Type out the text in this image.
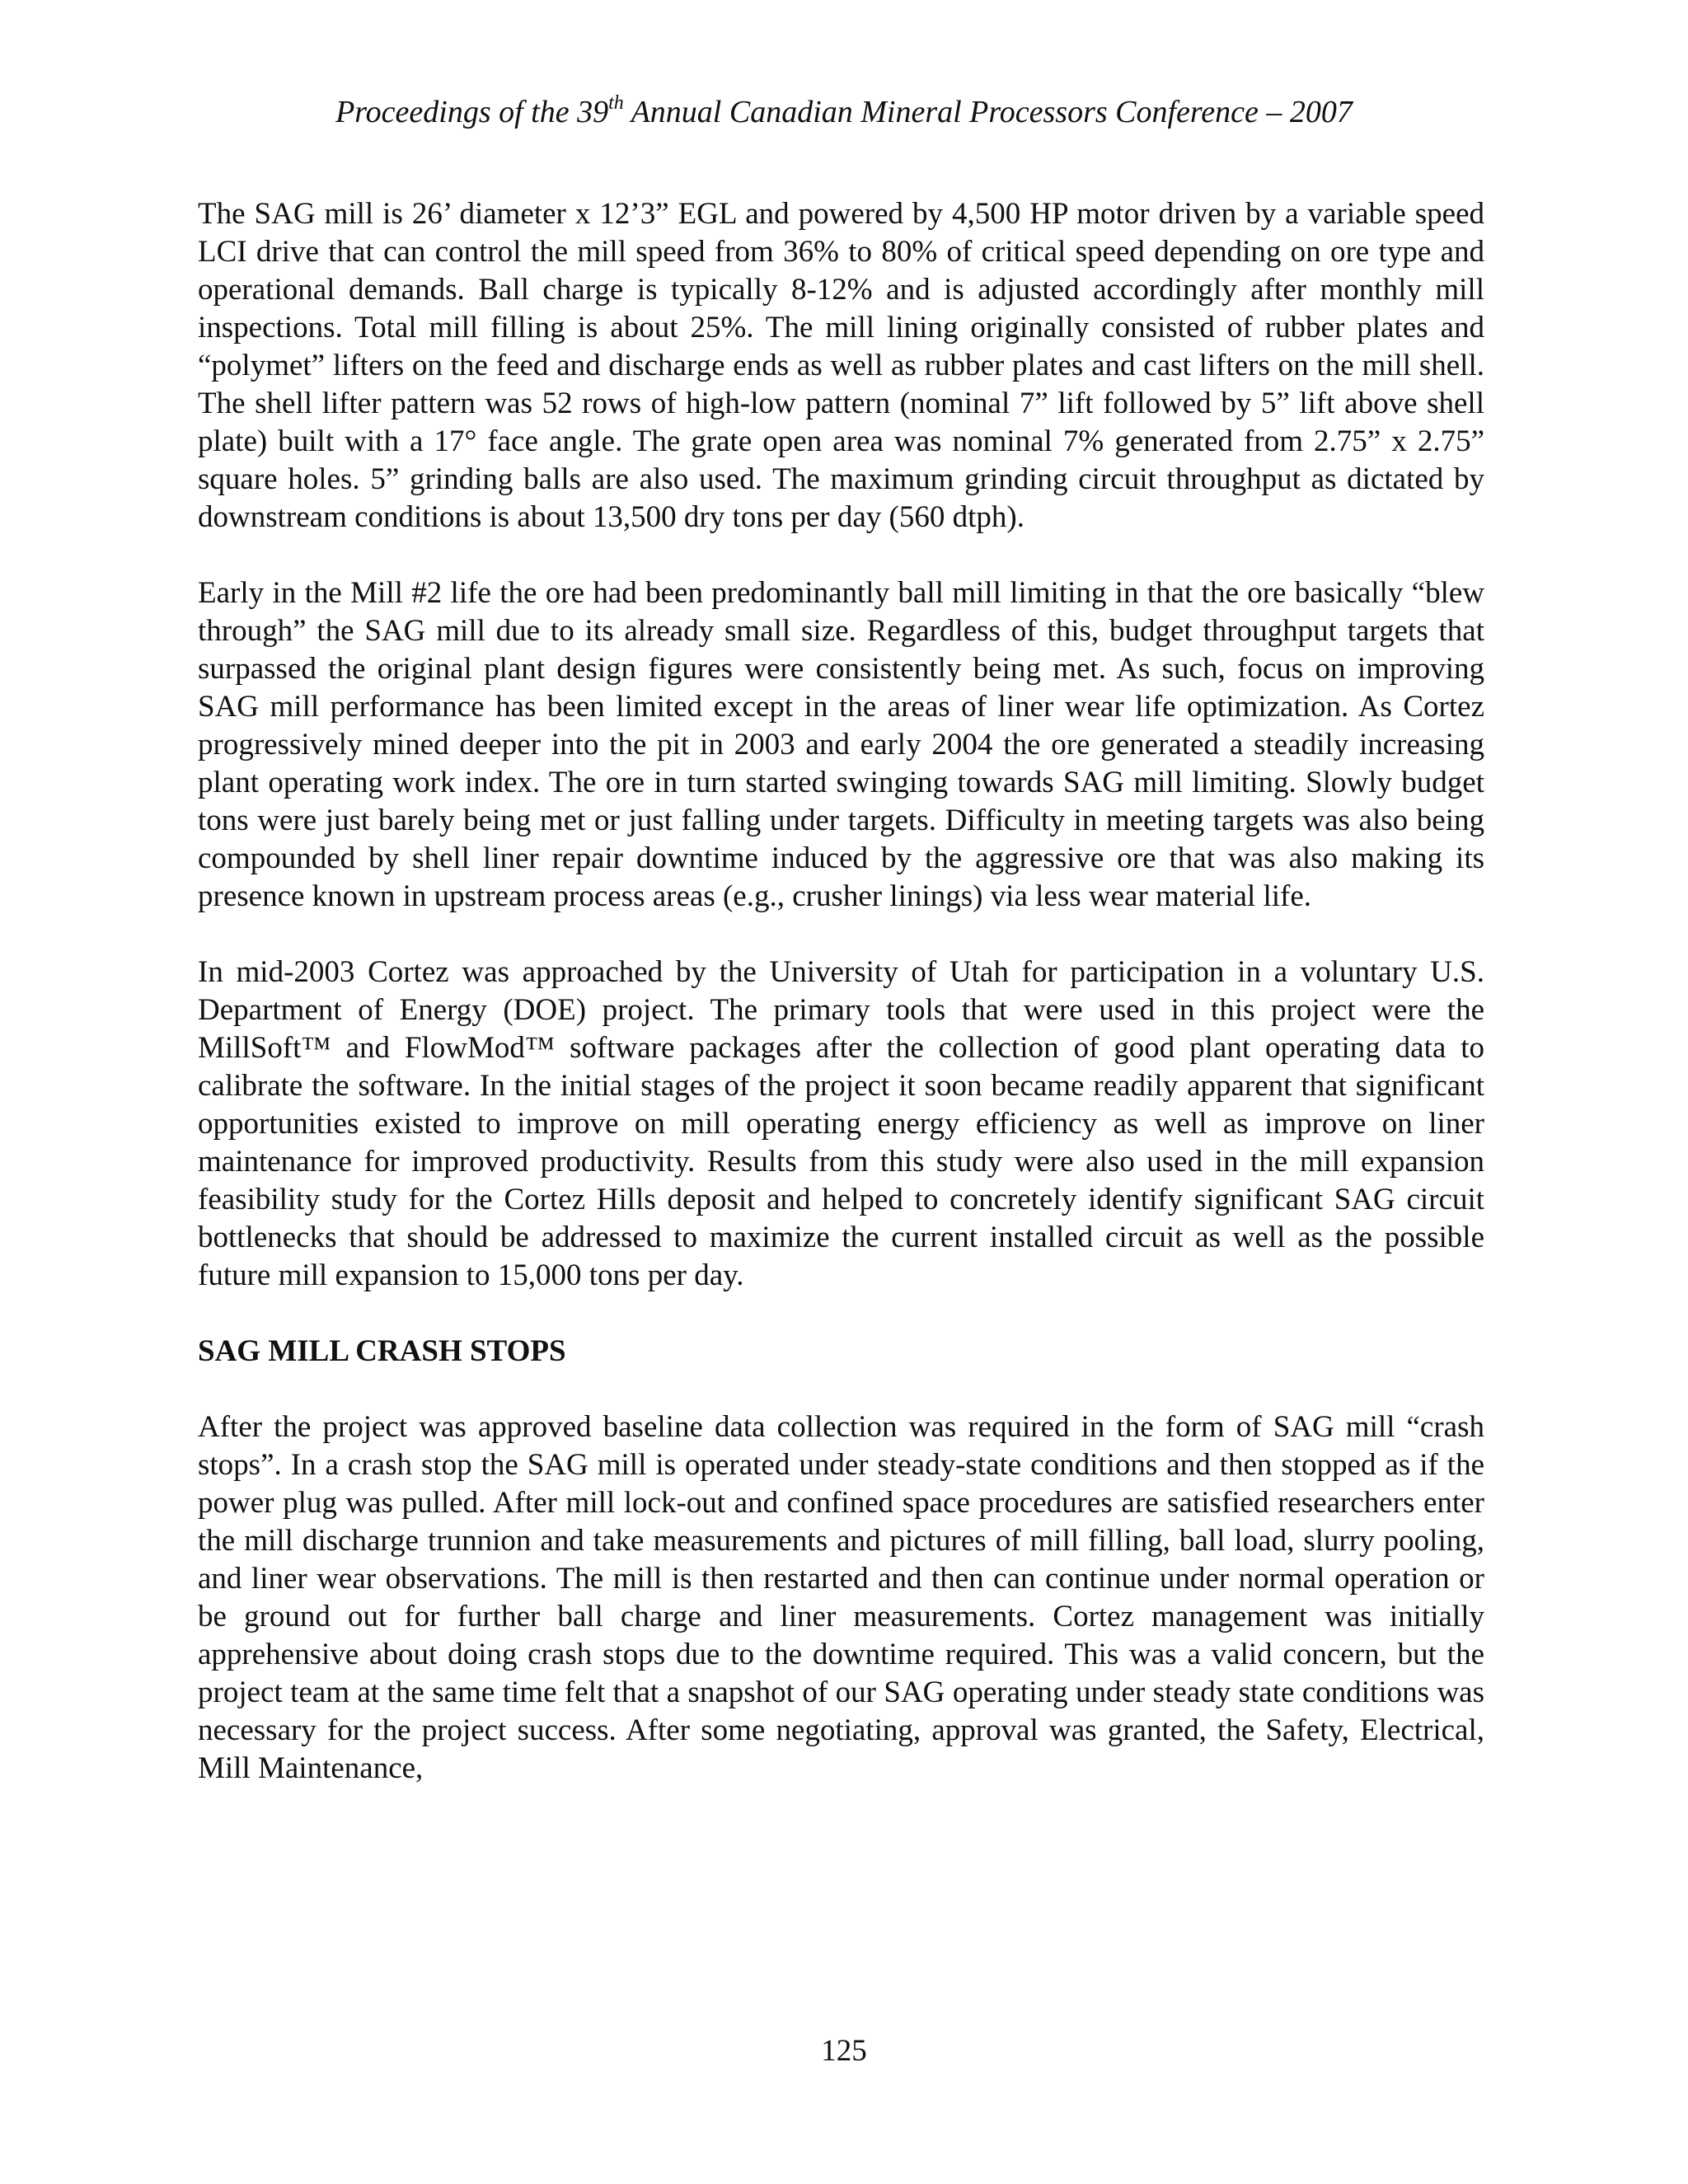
Proceedings of the 39th Annual Canadian Mineral Processors Conference – 2007

The SAG mill is 26’ diameter x 12’3” EGL and powered by 4,500 HP motor driven by a variable speed LCI drive that can control the mill speed from 36% to 80% of critical speed depending on ore type and operational demands. Ball charge is typically 8-12% and is adjusted accordingly after monthly mill inspections. Total mill filling is about 25%. The mill lining originally consisted of rubber plates and “polymet” lifters on the feed and discharge ends as well as rubber plates and cast lifters on the mill shell. The shell lifter pattern was 52 rows of high-low pattern (nominal 7” lift followed by 5” lift above shell plate) built with a 17° face angle. The grate open area was nominal 7% generated from 2.75” x 2.75” square holes. 5” grinding balls are also used. The maximum grinding circuit throughput as dictated by downstream conditions is about 13,500 dry tons per day (560 dtph).

Early in the Mill #2 life the ore had been predominantly ball mill limiting in that the ore basically “blew through” the SAG mill due to its already small size. Regardless of this, budget throughput targets that surpassed the original plant design figures were consistently being met. As such, focus on improving SAG mill performance has been limited except in the areas of liner wear life optimization. As Cortez progressively mined deeper into the pit in 2003 and early 2004 the ore generated a steadily increasing plant operating work index. The ore in turn started swinging towards SAG mill limiting. Slowly budget tons were just barely being met or just falling under targets. Difficulty in meeting targets was also being compounded by shell liner repair downtime induced by the aggressive ore that was also making its presence known in upstream process areas (e.g., crusher linings) via less wear material life.

In mid-2003 Cortez was approached by the University of Utah for participation in a voluntary U.S. Department of Energy (DOE) project. The primary tools that were used in this project were the MillSoft™ and FlowMod™ software packages after the collection of good plant operating data to calibrate the software. In the initial stages of the project it soon became readily apparent that significant opportunities existed to improve on mill operating energy efficiency as well as improve on liner maintenance for improved productivity. Results from this study were also used in the mill expansion feasibility study for the Cortez Hills deposit and helped to concretely identify significant SAG circuit bottlenecks that should be addressed to maximize the current installed circuit as well as the possible future mill expansion to 15,000 tons per day.

SAG MILL CRASH STOPS

After the project was approved baseline data collection was required in the form of SAG mill “crash stops”. In a crash stop the SAG mill is operated under steady-state conditions and then stopped as if the power plug was pulled. After mill lock-out and confined space procedures are satisfied researchers enter the mill discharge trunnion and take measurements and pictures of mill filling, ball load, slurry pooling, and liner wear observations. The mill is then restarted and then can continue under normal operation or be ground out for further ball charge and liner measurements. Cortez management was initially apprehensive about doing crash stops due to the downtime required. This was a valid concern, but the project team at the same time felt that a snapshot of our SAG operating under steady state conditions was necessary for the project success. After some negotiating, approval was granted, the Safety, Electrical, Mill Maintenance,

125
